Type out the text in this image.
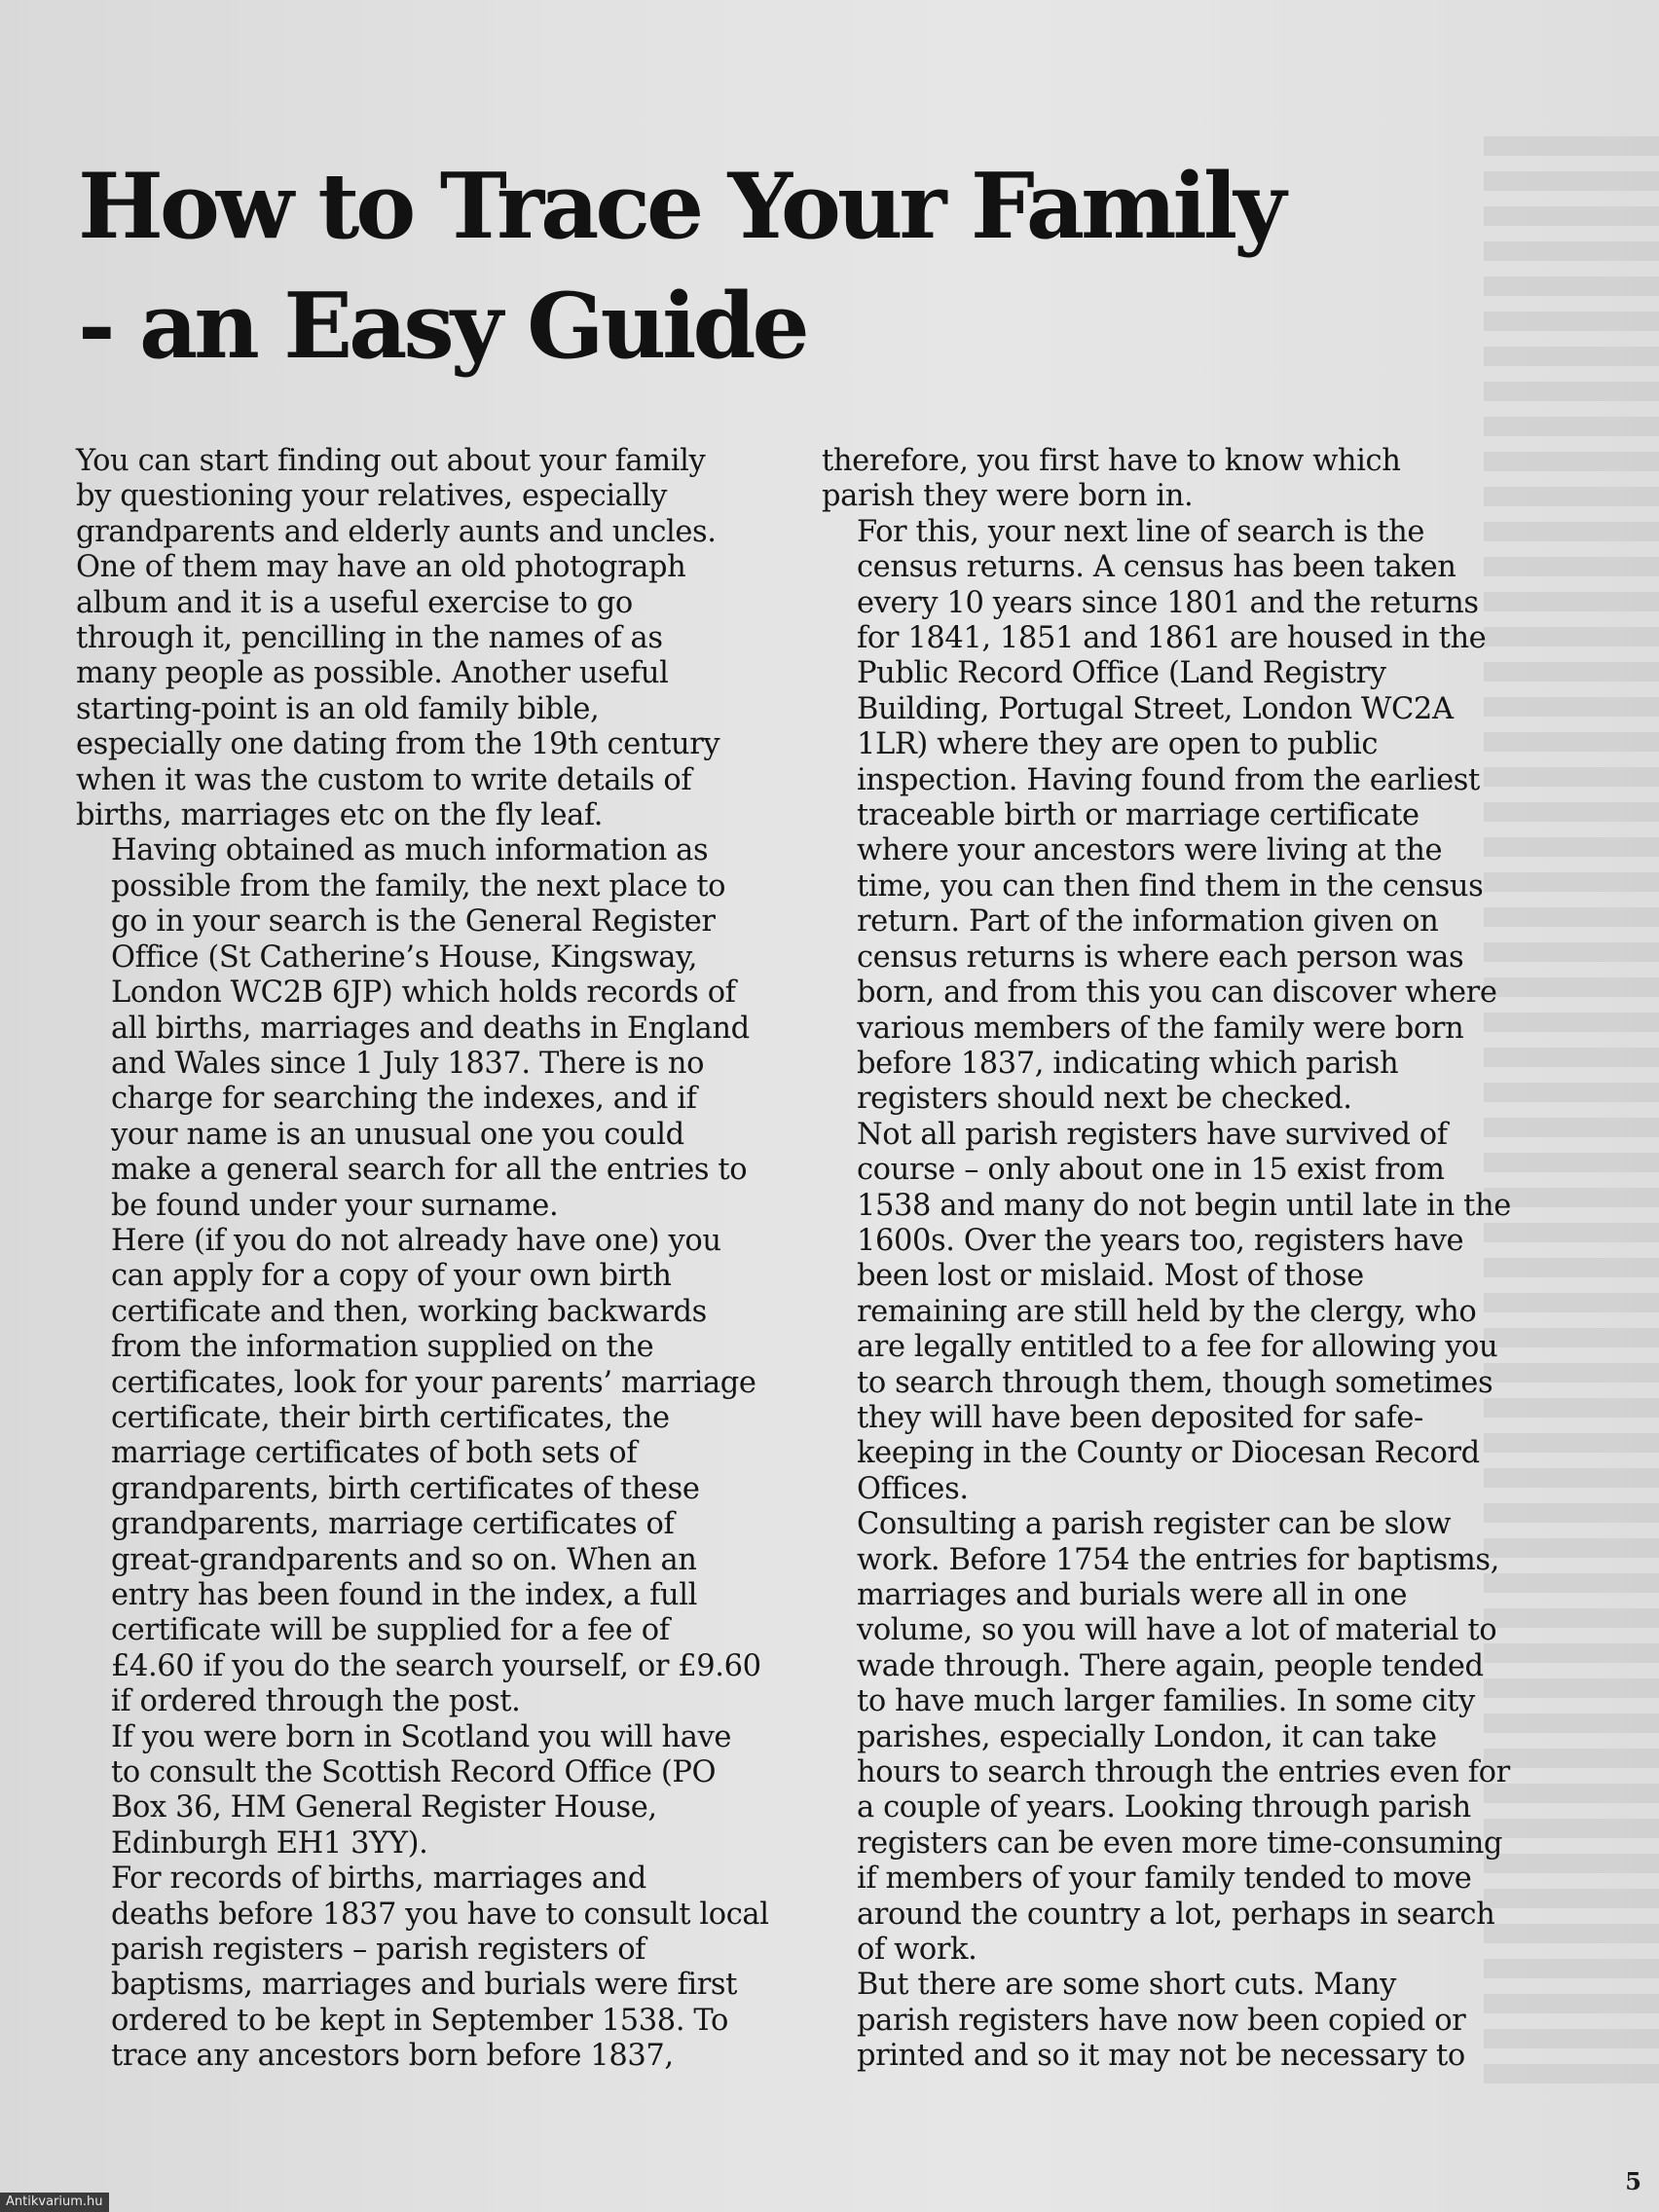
How to Trace Your Family
- an Easy Guide

You can start finding out about your family
by questioning your relatives, especially
grandparents and elderly aunts and uncles.
One of them may have an old photograph
album and it is a useful exercise to go
through it, pencilling in the names of as
many people as possible. Another useful
starting-point is an old family bible,
especially one dating from the 19th century
when it was the custom to write details of
births, marriages etc on the fly leaf.

Having obtained as much information as
possible from the family, the next place to
go in your search is the General Register
Office (St Catherine’s House, Kingsway,
London WC2B 6JP) which holds records of
all births, marriages and deaths in England
and Wales since 1 July 1837. There is no
charge for searching the indexes, and if
your name is an unusual one you could
make a general search for all the entries to
be found under your surname.

Here (if you do not already have one) you
can apply for a copy of your own birth
certificate and then, working backwards
from the information supplied on the
certificates, look for your parents’ marriage
certificate, their birth certificates, the
marriage certificates of both sets of
grandparents, birth certificates of these
grandparents, marriage certificates of
great-grandparents and so on. When an
entry has been found in the index, a full
certificate will be supplied for a fee of
£4.60 if you do the search yourself, or £9.60
if ordered through the post.

If you were born in Scotland you will have
to consult the Scottish Record Office (PO
Box 36, HM General Register House,
Edinburgh EH1 3YY).

For records of births, marriages and
deaths before 1837 you have to consult local
parish registers – parish registers of
baptisms, marriages and burials were first
ordered to be kept in September 1538. To
trace any ancestors born before 1837,

therefore, you first have to know which
parish they were born in.

For this, your next line of search is the
census returns. A census has been taken
every 10 years since 1801 and the returns
for 1841, 1851 and 1861 are housed in the
Public Record Office (Land Registry
Building, Portugal Street, London WC2A
1LR) where they are open to public
inspection. Having found from the earliest
traceable birth or marriage certificate
where your ancestors were living at the
time, you can then find them in the census
return. Part of the information given on
census returns is where each person was
born, and from this you can discover where
various members of the family were born
before 1837, indicating which parish
registers should next be checked.

Not all parish registers have survived of
course – only about one in 15 exist from
1538 and many do not begin until late in the
1600s. Over the years too, registers have
been lost or mislaid. Most of those
remaining are still held by the clergy, who
are legally entitled to a fee for allowing you
to search through them, though sometimes
they will have been deposited for safe-
keeping in the County or Diocesan Record
Offices.

Consulting a parish register can be slow
work. Before 1754 the entries for baptisms,
marriages and burials were all in one
volume, so you will have a lot of material to
wade through. There again, people tended
to have much larger families. In some city
parishes, especially London, it can take
hours to search through the entries even for
a couple of years. Looking through parish
registers can be even more time-consuming
if members of your family tended to move
around the country a lot, perhaps in search
of work.

But there are some short cuts. Many
parish registers have now been copied or
printed and so it may not be necessary to

5
Antikvarium.hu
